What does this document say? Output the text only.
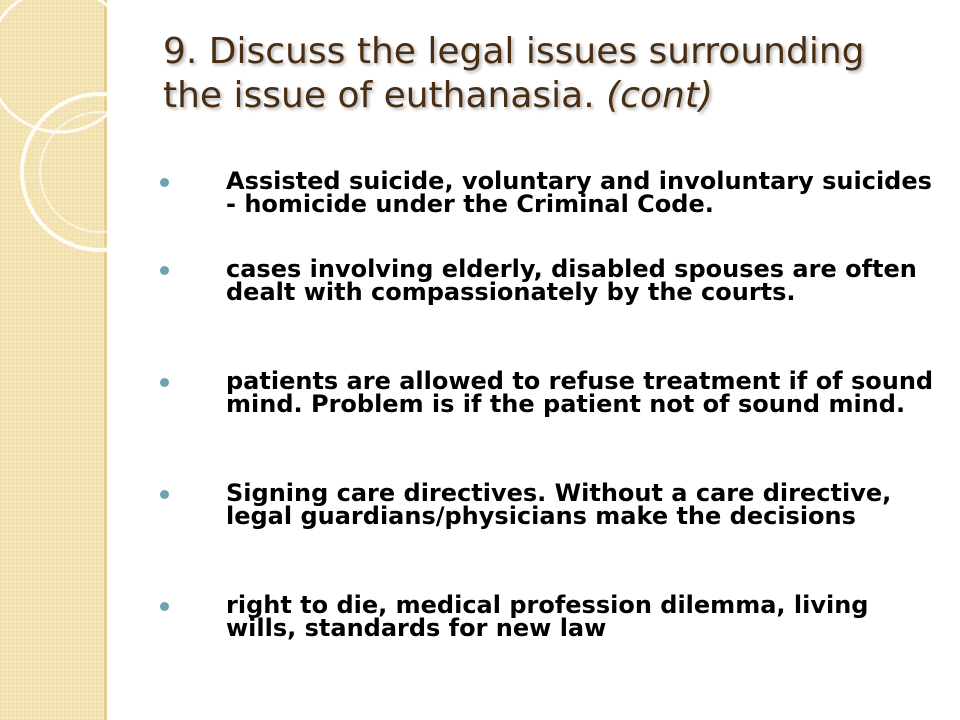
9. Discuss the legal issues surrounding the issue of euthanasia. (cont)

Assisted suicide, voluntary and involuntary suicides - homicide under the Criminal Code.

cases involving elderly, disabled spouses are often dealt with compassionately by the courts.

patients are allowed to refuse treatment if of sound mind. Problem is if the patient not of sound mind.

Signing care directives. Without a care directive, legal guardians/physicians make the decisions

right to die, medical profession dilemma, living wills, standards for new law
